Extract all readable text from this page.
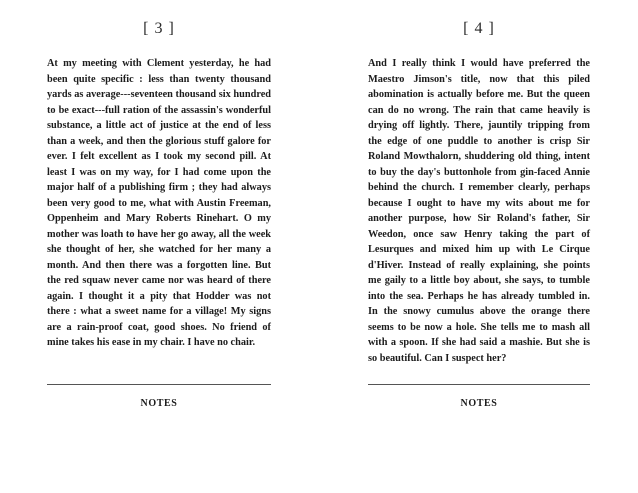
[ 3 ]

At my meeting with Clement yesterday, he had been quite specific : less than twenty thousand yards as average---seventeen thousand six hundred to be exact---full ration of the assassin's wonderful substance, a little act of justice at the end of less than a week, and then the glorious stuff galore for ever. I felt excellent as I took my second pill. At least I was on my way, for I had come upon the major half of a publishing firm ; they had always been very good to me, what with Austin Freeman, Oppenheim and Mary Roberts Rinehart. O my mother was loath to have her go away, all the week she thought of her, she watched for her many a month. And then there was a forgotten line. But the red squaw never came nor was heard of there again. I thought it a pity that Hodder was not there : what a sweet name for a village! My signs are a rain-proof coat, good shoes. No friend of mine takes his ease in my chair. I have no chair.

NOTES
[ 4 ]

And I really think I would have preferred the Maestro Jimson's title, now that this piled abomination is actually before me. But the queen can do no wrong. The rain that came heavily is drying off lightly. There, jauntily tripping from the edge of one puddle to another is crisp Sir Roland Mowthalorn, shuddering old thing, intent to buy the day's buttonhole from gin-faced Annie behind the church. I remember clearly, perhaps because I ought to have my wits about me for another purpose, how Sir Roland's father, Sir Weedon, once saw Henry taking the part of Lesurques and mixed him up with Le Cirque d'Hiver. Instead of really explaining, she points me gaily to a little boy about, she says, to tumble into the sea. Perhaps he has already tumbled in. In the snowy cumulus above the orange there seems to be now a hole. She tells me to mash all with a spoon. If she had said a mashie. But she is so beautiful. Can I suspect her?

NOTES
